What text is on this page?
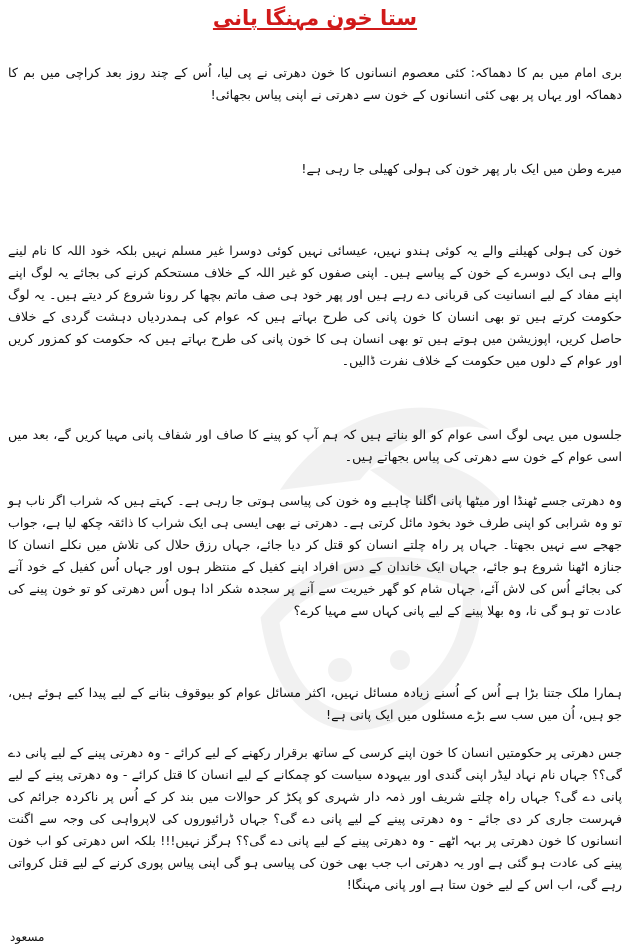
ستا خون مہنگا پانی

بری امام میں بم کا دھماکہ: کئی معصوم انسانوں کا خون دھرتی نے پی لیا، اُس کے چند روز بعد کراچی میں بم کا دھماکہ اور یہاں پر بھی کئی انسانوں کے خون سے دھرتی نے اپنی پیاس بجھائی!

میرے وطن میں ایک بار پھر خون کی ہولی کھیلی جا رہی ہے!

خون کی ہولی کھیلنے والے یہ کوئی ہندو نہیں، عیسائی نہیں کوئی دوسرا غیر مسلم نہیں بلکہ خود اللہ کا نام لینے والے ہی ایک دوسرے کے خون کے پیاسے ہیں۔ اپنی صفوں کو غیر اللہ کے خلاف مستحکم کرنے کی بجائے یہ لوگ اپنے اپنے مفاد کے لیے انسانیت کی قربانی دے رہے ہیں اور پھر خود ہی صف ماتم بچھا کر رونا شروع کر دیتے ہیں۔ یہ لوگ حکومت کرتے ہیں تو بھی انسان کا خون پانی کی طرح بہاتے ہیں کہ عوام کی ہمدردیاں دہشت گردی کے خلاف حاصل کریں، اپوزیشن میں ہوتے ہیں تو بھی انسان ہی کا خون پانی کی طرح بہاتے ہیں کہ حکومت کو کمزور کریں اور عوام کے دلوں میں حکومت کے خلاف نفرت ڈالیں۔

جلسوں میں یہی لوگ اسی عوام کو الو بناتے ہیں کہ ہم آپ کو پینے کا صاف اور شفاف پانی مہیا کریں گے، بعد میں اسی عوام کے خون سے دھرتی کی پیاس بجھاتے ہیں۔

وہ دھرتی جسے ٹھنڈا اور میٹھا پانی اگلنا چاہیے وہ خون کی پیاسی ہوتی جا رہی ہے۔ کہتے ہیں کہ شراب اگر ناب ہو تو وہ شرابی کو اپنی طرف خود بخود مائل کرتی ہے۔ دھرتی نے بھی ایسی ہی ایک شراب کا ذائقہ چکھ لیا ہے، جواب جھجے سے نہیں بجھتا۔ جہاں پر راہ چلتے انسان کو قتل کر دیا جائے، جہاں رزق حلال کی تلاش میں نکلے انسان کا جنازہ اٹھنا شروع ہو جائے، جہاں ایک خاندان کے دس افراد اپنے کفیل کے منتظر ہوں اور جہاں اُس کفیل کے خود آنے کی بجائے اُس کی لاش آئے، جہاں شام کو گھر خیریت سے آنے پر سجدہ شکر ادا ہوں اُس دھرتی کو تو خون پینے کی عادت تو ہو گی نا، وہ بھلا پینے کے لیے پانی کہاں سے مہیا کرے؟

ہمارا ملک جتنا بڑا ہے اُس کے اُسنے زیادہ مسائل نہیں، اکثر مسائل عوام کو بیوقوف بنانے کے لیے پیدا کیے ہوئے ہیں، جو ہیں، اُن میں سب سے بڑے مسئلوں میں ایک پانی ہے!

جس دھرتی پر حکومتیں انسان کا خون اپنے کرسی کے ساتھ برقرار رکھنے کے لیے کرائے - وہ دھرتی پینے کے لیے پانی دے گی؟؟ جہاں نام نہاد لیڈر اپنی گندی اور بیہودہ سیاست کو چمکانے کے لیے انسان کا قتل کرائے - وہ دھرتی پینے کے لیے پانی دے گی؟ جہاں راہ چلتے شریف اور ذمہ دار شہری کو پکڑ کر حوالات میں بند کر کے اُس پر ناکردہ جرائم کی فہرست جاری کر دی جائے - وہ دھرتی پینے کے لیے پانی دے گی؟ جہاں ڈرائیوروں کی لاپرواہی کی وجہ سے اگنت انسانوں کا خون دھرتی پر بہہ اٹھے - وہ دھرتی پینے کے لیے پانی دے گی؟؟ ہرگز نہیں!!! بلکہ اس دھرتی کو اب خون پینے کی عادت ہو گئی ہے اور یہ دھرتی اب جب بھی خون کی پیاسی ہو گی اپنی پیاس پوری کرنے کے لیے قتل کرواتی رہے گی، اب اس کے لیے خون ستا ہے اور پانی مہنگا!

مسعود
